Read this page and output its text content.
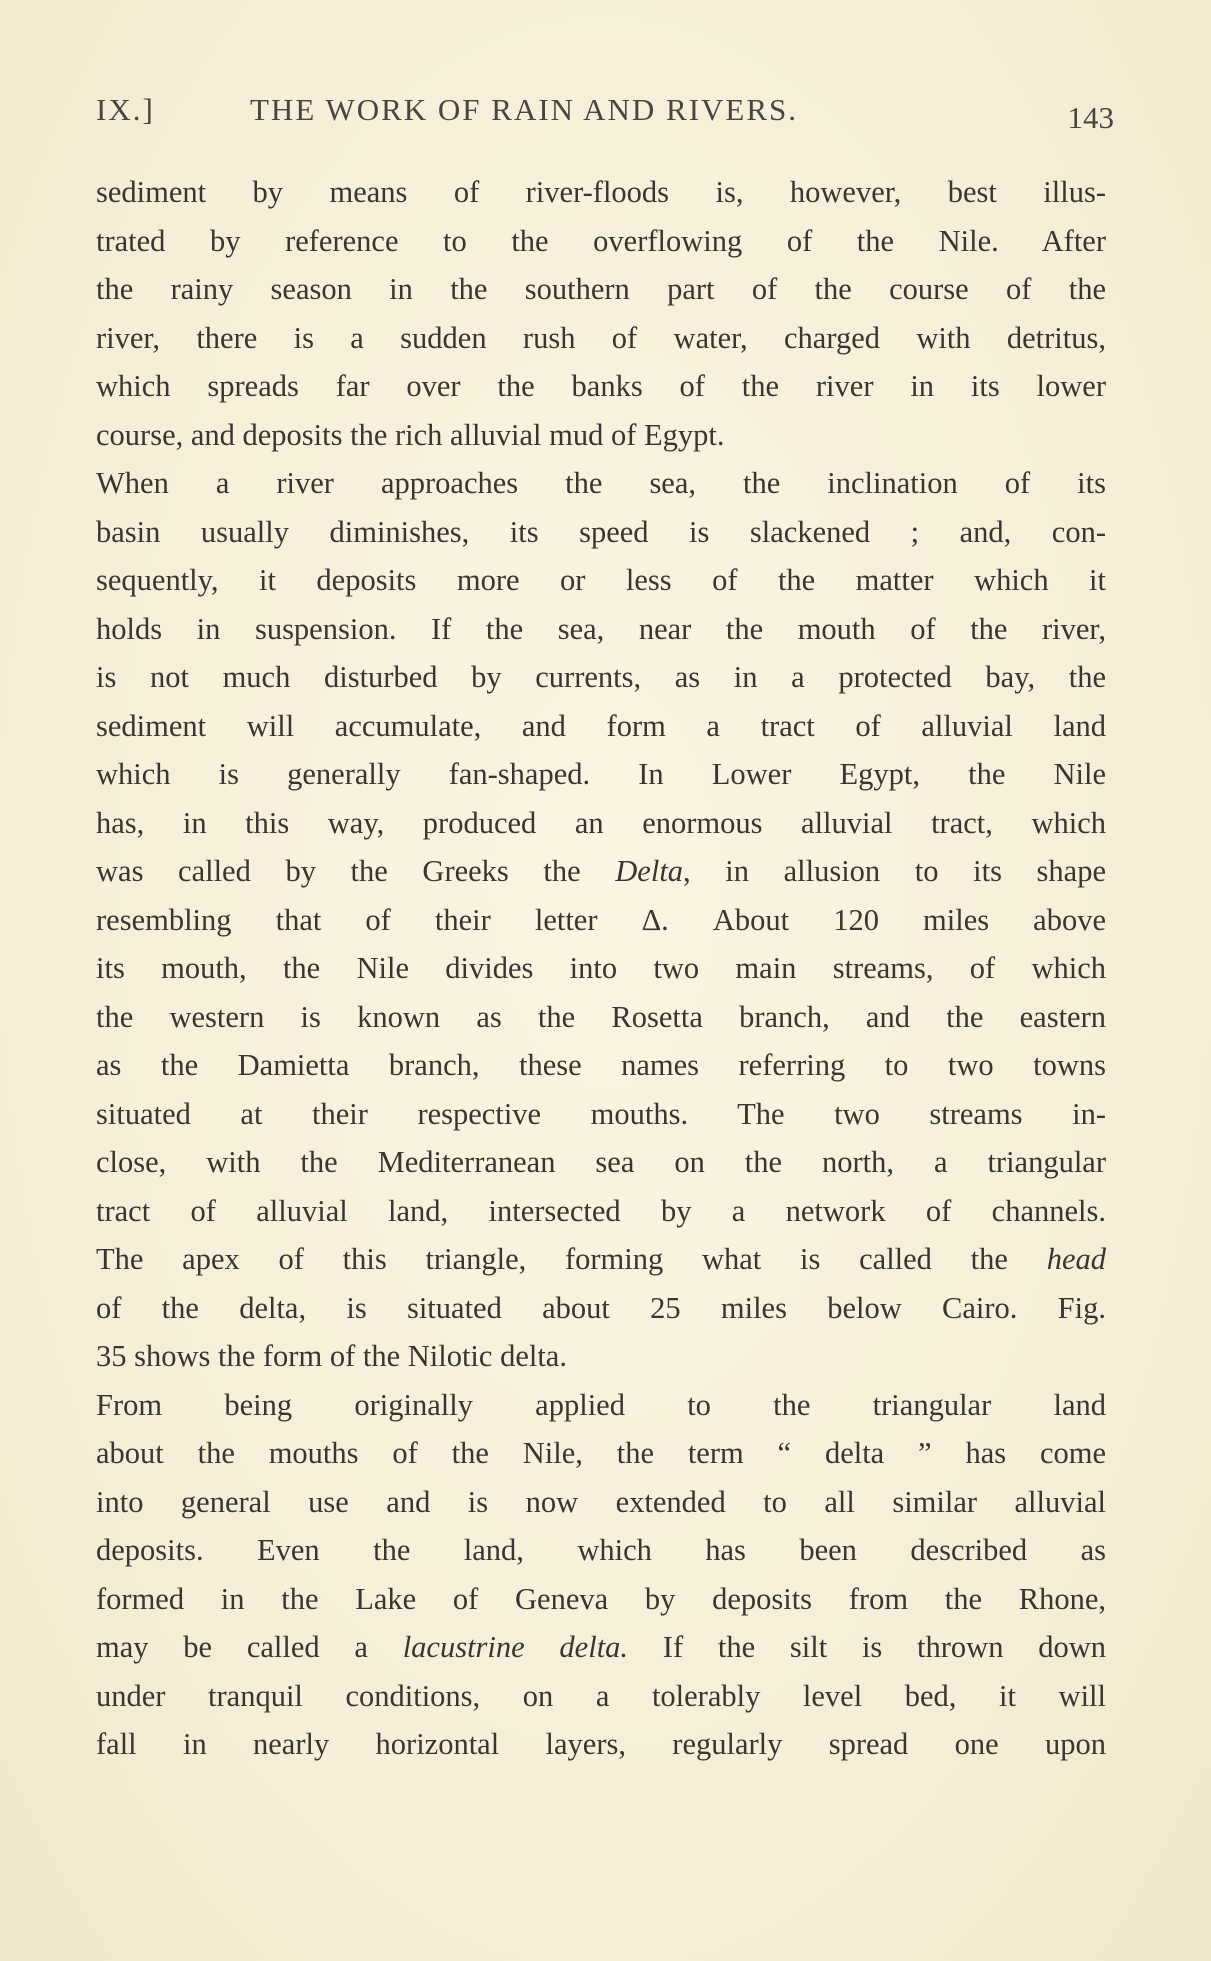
IX.]	THE WORK OF RAIN AND RIVERS.	143
sediment by means of river-floods is, however, best illus-
trated by reference to the overflowing of the Nile. After
the rainy season in the southern part of the course of the
river, there is a sudden rush of water, charged with detritus,
which spreads far over the banks of the river in its lower
course, and deposits the rich alluvial mud of Egypt.
When a river approaches the sea, the inclination of its
basin usually diminishes, its speed is slackened ; and, con-
sequently, it deposits more or less of the matter which it
holds in suspension. If the sea, near the mouth of the river,
is not much disturbed by currents, as in a protected bay, the
sediment will accumulate, and form a tract of alluvial land
which is generally fan-shaped. In Lower Egypt, the Nile
has, in this way, produced an enormous alluvial tract, which
was called by the Greeks the Delta, in allusion to its shape
resembling that of their letter Δ. About 120 miles above
its mouth, the Nile divides into two main streams, of which
the western is known as the Rosetta branch, and the eastern
as the Damietta branch, these names referring to two towns
situated at their respective mouths. The two streams in-
close, with the Mediterranean sea on the north, a triangular
tract of alluvial land, intersected by a network of channels.
The apex of this triangle, forming what is called the head
of the delta, is situated about 25 miles below Cairo. Fig.
35 shows the form of the Nilotic delta.
From being originally applied to the triangular land
about the mouths of the Nile, the term “ delta ” has come
into general use and is now extended to all similar alluvial
deposits. Even the land, which has been described as
formed in the Lake of Geneva by deposits from the Rhone,
may be called a lacustrine delta. If the silt is thrown down
under tranquil conditions, on a tolerably level bed, it will
fall in nearly horizontal layers, regularly spread one upon
